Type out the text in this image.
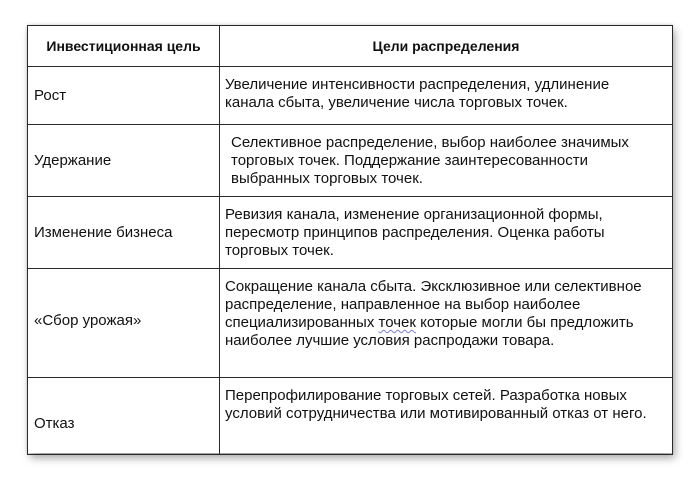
Инвестиционная цель	Цели распределения

Рост	Увеличение интенсивности распределения, удлинение канала сбыта, увеличение числа торговых точек.

Удержание	Селективное распределение, выбор наиболее значимых торговых точек. Поддержание заинтересованности выбранных торговых точек.

Изменение бизнеса	Ревизия канала, изменение организационной формы, пересмотр принципов распределения. Оценка работы торговых точек.

«Сбор урожая»	Сокращение канала сбыта. Эксклюзивное или селективное распределение, направленное на выбор наиболее специализированных точек которые могли бы предложить наиболее лучшие условия распродажи товара.

Отказ	Перепрофилирование торговых сетей. Разработка новых условий сотрудничества или мотивированный отказ от него.
